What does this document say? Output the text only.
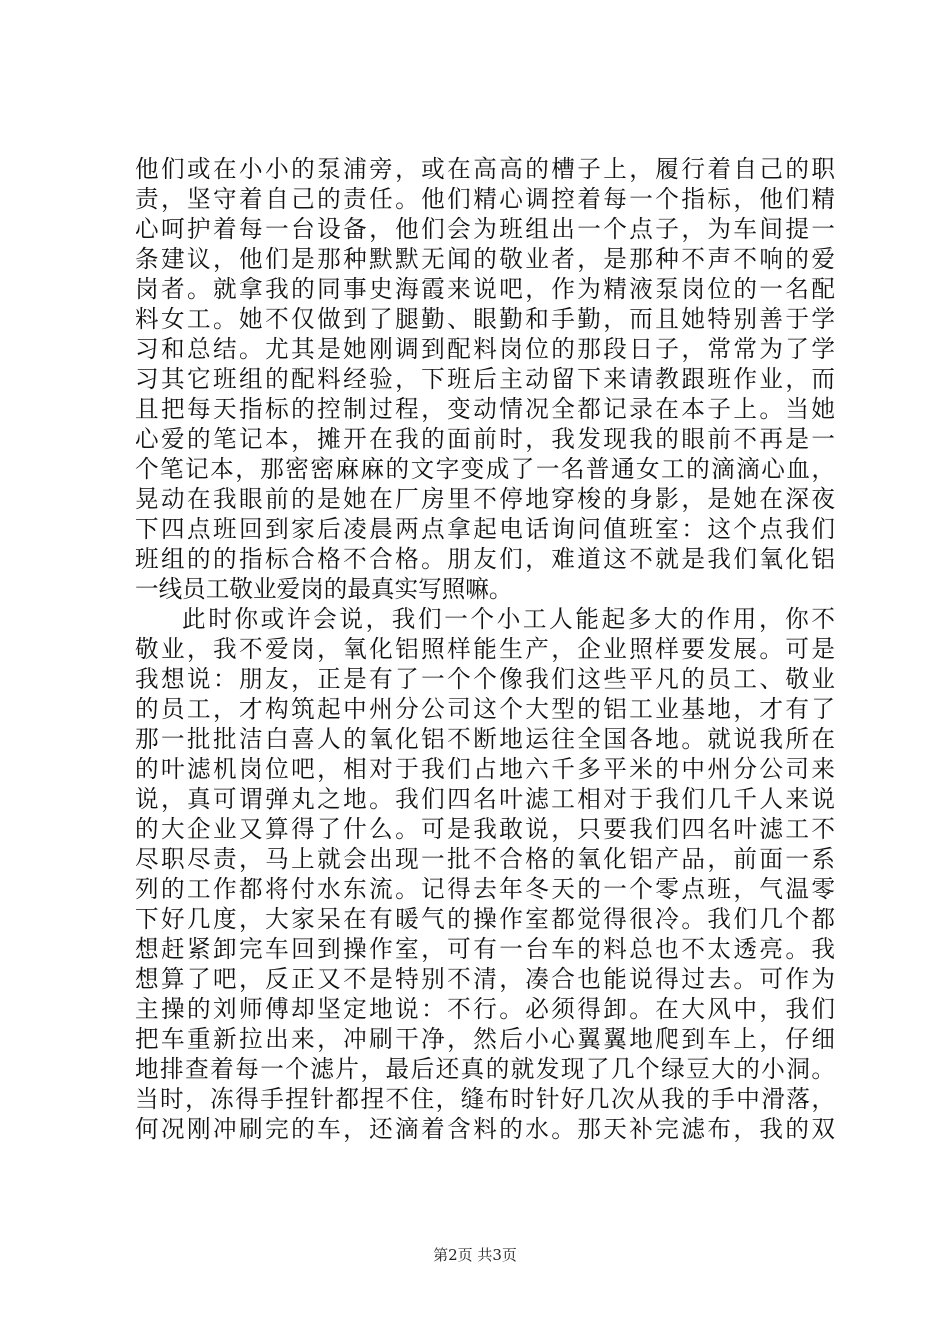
他们或在小小的泵浦旁，或在高高的槽子上，履行着自己的职
责，坚守着自己的责任。他们精心调控着每一个指标，他们精
心呵护着每一台设备，他们会为班组出一个点子，为车间提一
条建议，他们是那种默默无闻的敬业者，是那种不声不响的爱
岗者。就拿我的同事史海霞来说吧，作为精液泵岗位的一名配
料女工。她不仅做到了腿勤、眼勤和手勤，而且她特别善于学
习和总结。尤其是她刚调到配料岗位的那段日子，常常为了学
习其它班组的配料经验，下班后主动留下来请教跟班作业，而
且把每天指标的控制过程，变动情况全都记录在本子上。当她
心爱的笔记本，摊开在我的面前时，我发现我的眼前不再是一
个笔记本，那密密麻麻的文字变成了一名普通女工的滴滴心血，
晃动在我眼前的是她在厂房里不停地穿梭的身影，是她在深夜
下四点班回到家后凌晨两点拿起电话询问值班室：这个点我们
班组的的指标合格不合格。朋友们，难道这不就是我们氧化铝
一线员工敬业爱岗的最真实写照嘛。
此时你或许会说，我们一个小工人能起多大的作用，你不
敬业，我不爱岗，氧化铝照样能生产，企业照样要发展。可是
我想说：朋友，正是有了一个个像我们这些平凡的员工、敬业
的员工，才构筑起中州分公司这个大型的铝工业基地，才有了
那一批批洁白喜人的氧化铝不断地运往全国各地。就说我所在
的叶滤机岗位吧，相对于我们占地六千多平米的中州分公司来
说，真可谓弹丸之地。我们四名叶滤工相对于我们几千人来说
的大企业又算得了什么。可是我敢说，只要我们四名叶滤工不
尽职尽责，马上就会出现一批不合格的氧化铝产品，前面一系
列的工作都将付水东流。记得去年冬天的一个零点班，气温零
下好几度，大家呆在有暖气的操作室都觉得很冷。我们几个都
想赶紧卸完车回到操作室，可有一台车的料总也不太透亮。我
想算了吧，反正又不是特别不清，凑合也能说得过去。可作为
主操的刘师傅却坚定地说：不行。必须得卸。在大风中，我们
把车重新拉出来，冲刷干净，然后小心翼翼地爬到车上，仔细
地排查着每一个滤片，最后还真的就发现了几个绿豆大的小洞。
当时，冻得手捏针都捏不住，缝布时针好几次从我的手中滑落，
何况刚冲刷完的车，还滴着含料的水。那天补完滤布，我的双
第2页 共3页
